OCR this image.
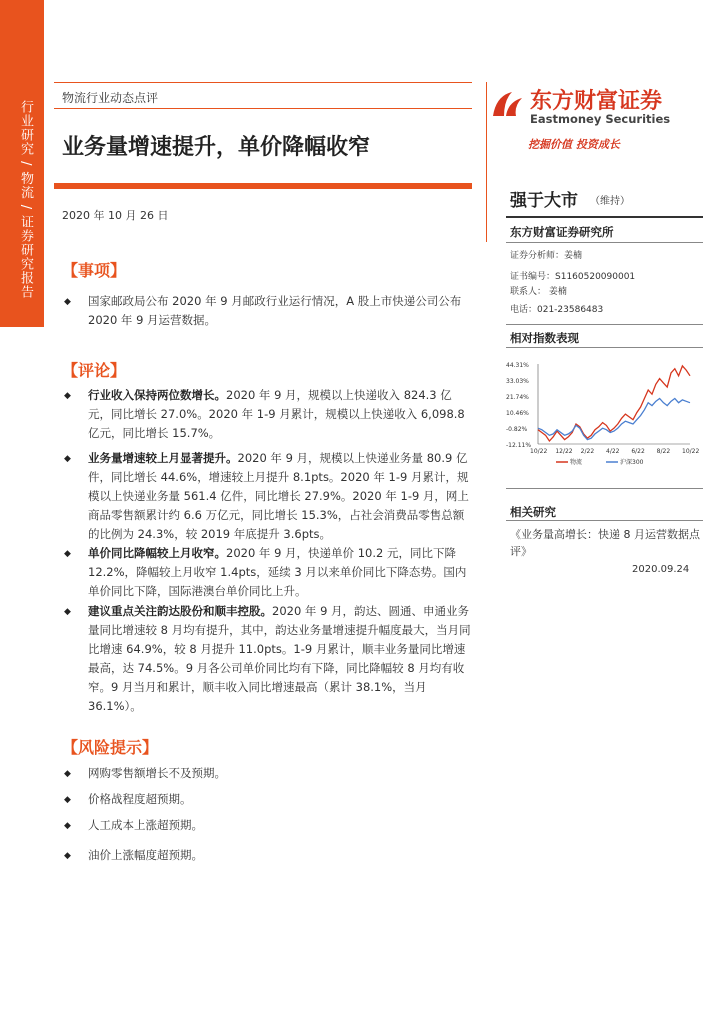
行业研究 / 物流 / 证券研究报告
物流行业动态点评
业务量增速提升，单价降幅收窄
2020 年 10 月 26 日
【事项】
◆ 国家邮政局公布 2020 年 9 月邮政行业运行情况，A 股上市快递公司公布 2020 年 9 月运营数据。
【评论】
◆ 行业收入保持两位数增长。2020 年 9 月，规模以上快递收入 824.3 亿元，同比增长 27.0%。2020 年 1-9 月累计，规模以上快递收入 6,098.8 亿元，同比增长 15.7%。
◆ 业务量增速较上月显著提升。2020 年 9 月，规模以上快递业务量 80.9 亿件，同比增长 44.6%，增速较上月提升 8.1pts。2020 年 1-9 月累计，规模以上快递业务量 561.4 亿件，同比增长 27.9%。2020 年 1-9 月，网上商品零售额累计约 6.6 万亿元，同比增长 15.3%，占社会消费品零售总额的比例为 24.3%，较 2019 年底提升 3.6pts。
◆ 单价同比降幅较上月收窄。2020 年 9 月，快递单价 10.2 元，同比下降 12.2%，降幅较上月收窄 1.4pts，延续 3 月以来单价同比下降态势。国内单价同比下降，国际港澳台单价同比上升。
◆ 建议重点关注韵达股份和顺丰控股。2020 年 9 月，韵达、圆通、申通业务量同比增速较 8 月均有提升，其中，韵达业务量增速提升幅度最大，当月同比增速 64.9%，较 8 月提升 11.0pts。1-9 月累计，顺丰业务量同比增速最高，达 74.5%。9 月各公司单价同比均有下降，同比降幅较 8 月均有收窄。9 月当月和累计，顺丰收入同比增速最高（累计 38.1%，当月 36.1%）。
【风险提示】
◆ 网购零售额增长不及预期。
◆ 价格战程度超预期。
◆ 人工成本上涨超预期。
◆ 油价上涨幅度超预期。
东方财富证券
Eastmoney Securities
挖掘价值 投资成长
强于大市 （维持）
东方财富证券研究所
证券分析师：姜楠
证书编号：S1160520090001
联系人： 姜楠
电话：021-23586483
相对指数表现
44.31%
33.03%
21.74%
10.46%
-0.82%
-12.11%
10/22 12/22 2/22 4/22 6/22 8/22 10/22
物流	沪深300
相关研究
《业务量高增长：快递 8 月运营数据点评》
2020.09.24
